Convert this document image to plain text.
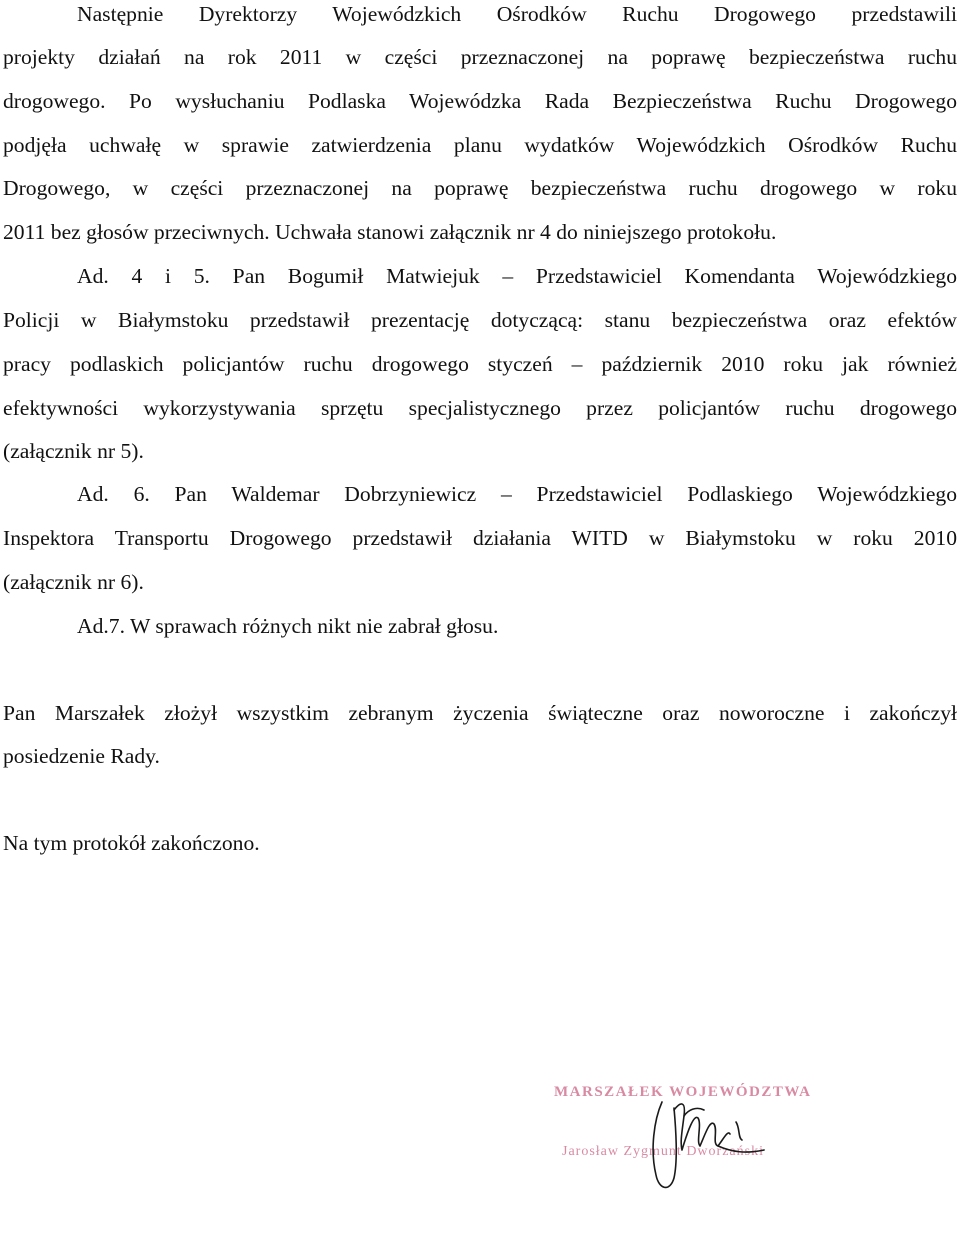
Następnie Dyrektorzy Wojewódzkich Ośrodków Ruchu Drogowego przedstawili
projekty działań na rok 2011 w części przeznaczonej na poprawę bezpieczeństwa ruchu
drogowego. Po wysłuchaniu Podlaska Wojewódzka Rada Bezpieczeństwa Ruchu Drogowego
podjęła uchwałę w sprawie zatwierdzenia planu wydatków Wojewódzkich Ośrodków Ruchu
Drogowego, w części przeznaczonej na poprawę bezpieczeństwa ruchu drogowego w roku
2011 bez głosów przeciwnych. Uchwała stanowi załącznik nr 4 do niniejszego protokołu.
Ad. 4 i 5. Pan Bogumił Matwiejuk – Przedstawiciel Komendanta Wojewódzkiego
Policji w Białymstoku przedstawił prezentację dotyczącą: stanu bezpieczeństwa oraz efektów
pracy podlaskich policjantów ruchu drogowego styczeń – październik 2010 roku jak również
efektywności wykorzystywania sprzętu specjalistycznego przez policjantów ruchu drogowego
(załącznik nr 5).
Ad. 6. Pan Waldemar Dobrzyniewicz – Przedstawiciel Podlaskiego Wojewódzkiego
Inspektora Transportu Drogowego przedstawił działania WITD w Białymstoku w roku 2010
(załącznik nr 6).
Ad.7. W sprawach różnych nikt nie zabrał głosu.
Pan Marszałek złożył wszystkim zebranym życzenia świąteczne oraz noworoczne i zakończył
posiedzenie Rady.
Na tym protokół zakończono.
MARSZAŁEK WOJEWÓDZTWA
Jarosław Zygmunt Dworzański
